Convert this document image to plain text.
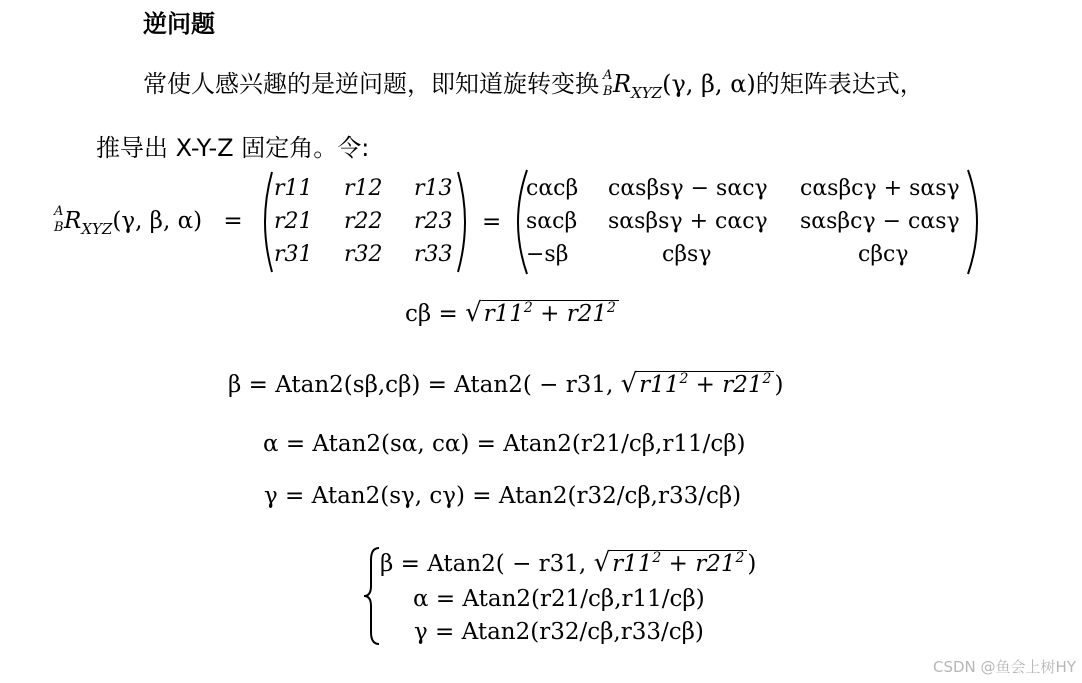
逆问题
常使人感兴趣的是逆问题，即知道旋转变换 A
B $R_{XYZ}(\gamma$, β, α)的矩阵表达式，
推导出 X-Y-Z 固定角。令:
A
B $R_{XYZ}(\gamma$, β, α) =
r11 r12 r13
r21 r22 r23
r31 r32 r33
=
cαcβ cαsβsγ − sαcγ cαsβcγ + sαsγ
sαcβ sαsβsγ + cαcγ sαsβcγ − cαsγ
−sβ	cβsγ	cβcγ
$c\beta = √r11^2 + r21^2$
β = Atan2(sβ,cβ) = Atan2( − r31, $√r11^2 + r21^2$ )
α = Atan2(sα, cα) = Atan2(r21/cβ,r11/cβ)
γ = Atan2(sγ, cγ) = Atan2(r32/cβ,r33/cβ)
β = Atan2( − r31, $√r11^2 + r21^2$ )
α = Atan2(r21/cβ,r11/cβ)
γ = Atan2(r32/cβ,r33/cβ)
CSDN @鱼会上树HY
